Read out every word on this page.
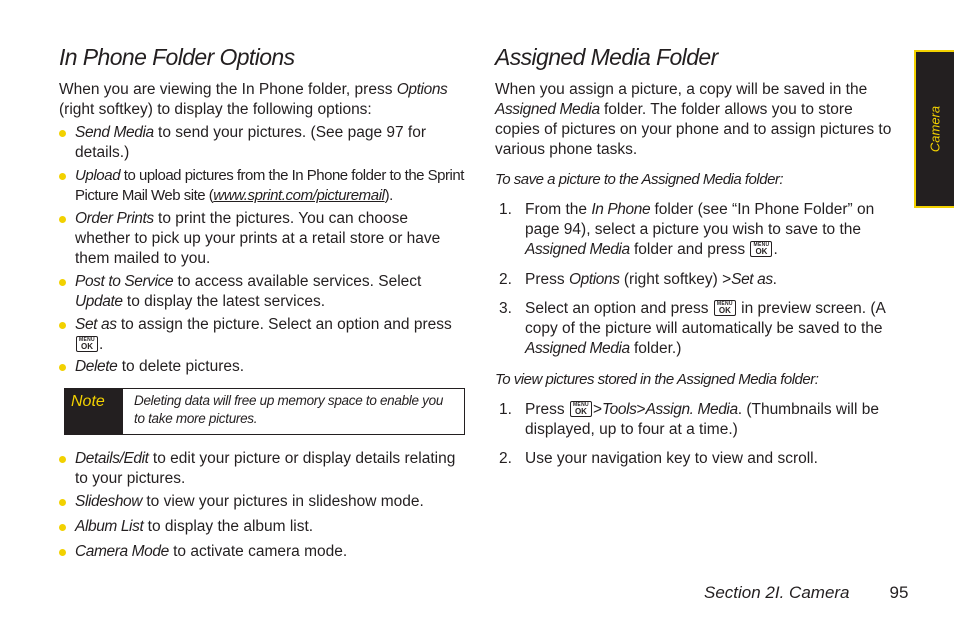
Camera
In Phone Folder Options

When you are viewing the In Phone folder, press Options (right softkey) to display the following options:

Send Media to send your pictures. (See page 97 for details.)
Upload to upload pictures from the In Phone folder to the Sprint Picture Mail Web site (www.sprint.com/picturemail).
Order Prints to print the pictures. You can choose whether to pick up your prints at a retail store or have them mailed to you.
Post to Service to access available services. Select Update to display the latest services.
Set as to assign the picture. Select an option and press
MENU
OK .
Delete to delete pictures.
Details/Edit to edit your picture or display details relating to your pictures.
Slideshow to view your pictures in slideshow mode.
Album List to display the album list.
Camera Mode to activate camera mode.
Note	Deleting data will free up memory space to enable you to take more pictures.
Assigned Media Folder

When you assign a picture, a copy will be saved in the Assigned Media folder. The folder allows you to store copies of pictures on your phone and to assign pictures to various phone tasks.

To save a picture to the Assigned Media folder:

1. From the In Phone folder (see “In Phone Folder” on page 94), select a picture you wish to save to the Assigned Media folder and press MENU
OK .
2. Press Options (right softkey) >Set as.
3. Select an option and press MENU
OK in preview screen. (A copy of the picture will automatically be saved to the Assigned Media folder.)

To view pictures stored in the Assigned Media folder:

1. Press MENU
OK >Tools>Assign. Media. (Thumbnails will be displayed, up to four at a time.)
2. Use your navigation key to view and scroll.
Section 2I. Camera 95
